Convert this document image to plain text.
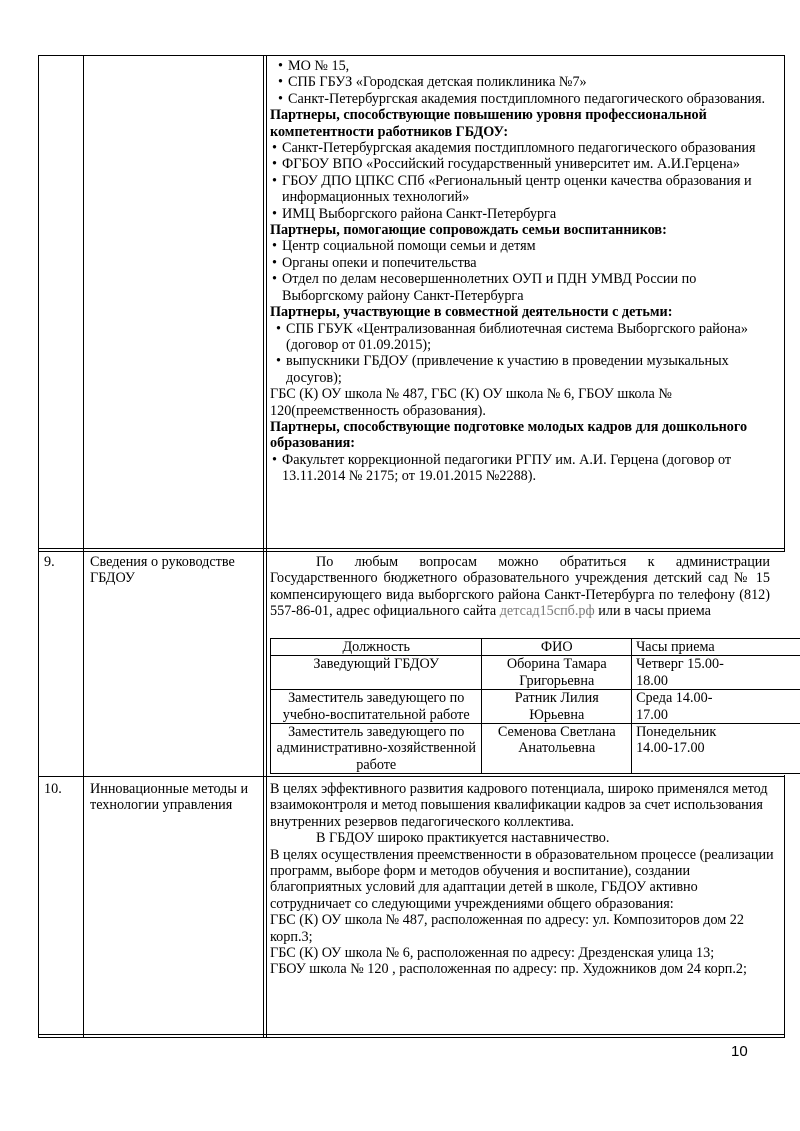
• МО № 15,
• СПБ ГБУЗ «Городская детская поликлиника №7»
• Санкт-Петербургская академия постдипломного педагогического образования.

Партнеры, способствующие повышению уровня профессиональной компетентности работников ГБДОУ:

• Санкт-Петербургская академия постдипломного педагогического образования
• ФГБОУ ВПО «Российский государственный университет им. А.И.Герцена»
• ГБОУ ДПО ЦПКС СПб «Региональный центр оценки качества образования и информационных технологий»
• ИМЦ Выборгского района Санкт-Петербурга

Партнеры, помогающие сопровождать семьи воспитанников:

• Центр социальной помощи семьи и детям
• Органы опеки и попечительства
• Отдел по делам несовершеннолетних ОУП и ПДН УМВД России по Выборгскому району Санкт-Петербурга

Партнеры, участвующие в совместной деятельности с детьми:

• СПБ ГБУК «Централизованная библиотечная система Выборгского района» (договор от 01.09.2015);
• выпускники ГБДОУ (привлечение к участию в проведении музыкальных досугов);

ГБС (К) ОУ школа № 487, ГБС (К) ОУ школа № 6, ГБОУ школа № 120(преемственность образования).

Партнеры, способствующие подготовке молодых кадров для дошкольного образования:

• Факультет коррекционной педагогики РГПУ им. А.И. Герцена (договор от 13.11.2014 № 2175; от 19.01.2015 №2288).
9. Сведения о руководстве ГБДОУ
По любым вопросам можно обратиться к администрации Государственного бюджетного образовательного учреждения детский сад № 15 компенсирующего вида выборгского района Санкт-Петербурга по телефону (812) 557-86-01, адрес официального сайта детсад15спб.рф или в часы приема
Должность	ФИО	Часы приема
Заведующий ГБДОУ	Оборина Тамара Григорьевна	Четверг 15.00-18.00
Заместитель заведующего по учебно-воспитательной работе	Ратник Лилия Юрьевна	Среда 14.00-17.00
Заместитель заведующего по административно-хозяйственной работе	Семенова Светлана Анатольевна	Понедельник 14.00-17.00
10. Инновационные методы и технологии управления

В целях эффективного развития кадрового потенциала, широко применялся метод взаимоконтроля и метод повышения квалификации кадров за счет использования внутренних резервов педагогического коллектива.

В ГБДОУ широко практикуется наставничество.

В целях осуществления преемственности в образовательном процессе (реализации программ, выборе форм и методов обучения и воспитание), создании благоприятных условий для адаптации детей в школе, ГБДОУ активно сотрудничает со следующими учреждениями общего образования:

ГБС (К) ОУ школа № 487, расположенная по адресу: ул. Композиторов дом 22 корп.3;

ГБС (К) ОУ школа № 6, расположенная по адресу: Дрезденская улица 13;

ГБОУ школа № 120 , расположенная по адресу: пр. Художников дом 24 корп.2;

10
